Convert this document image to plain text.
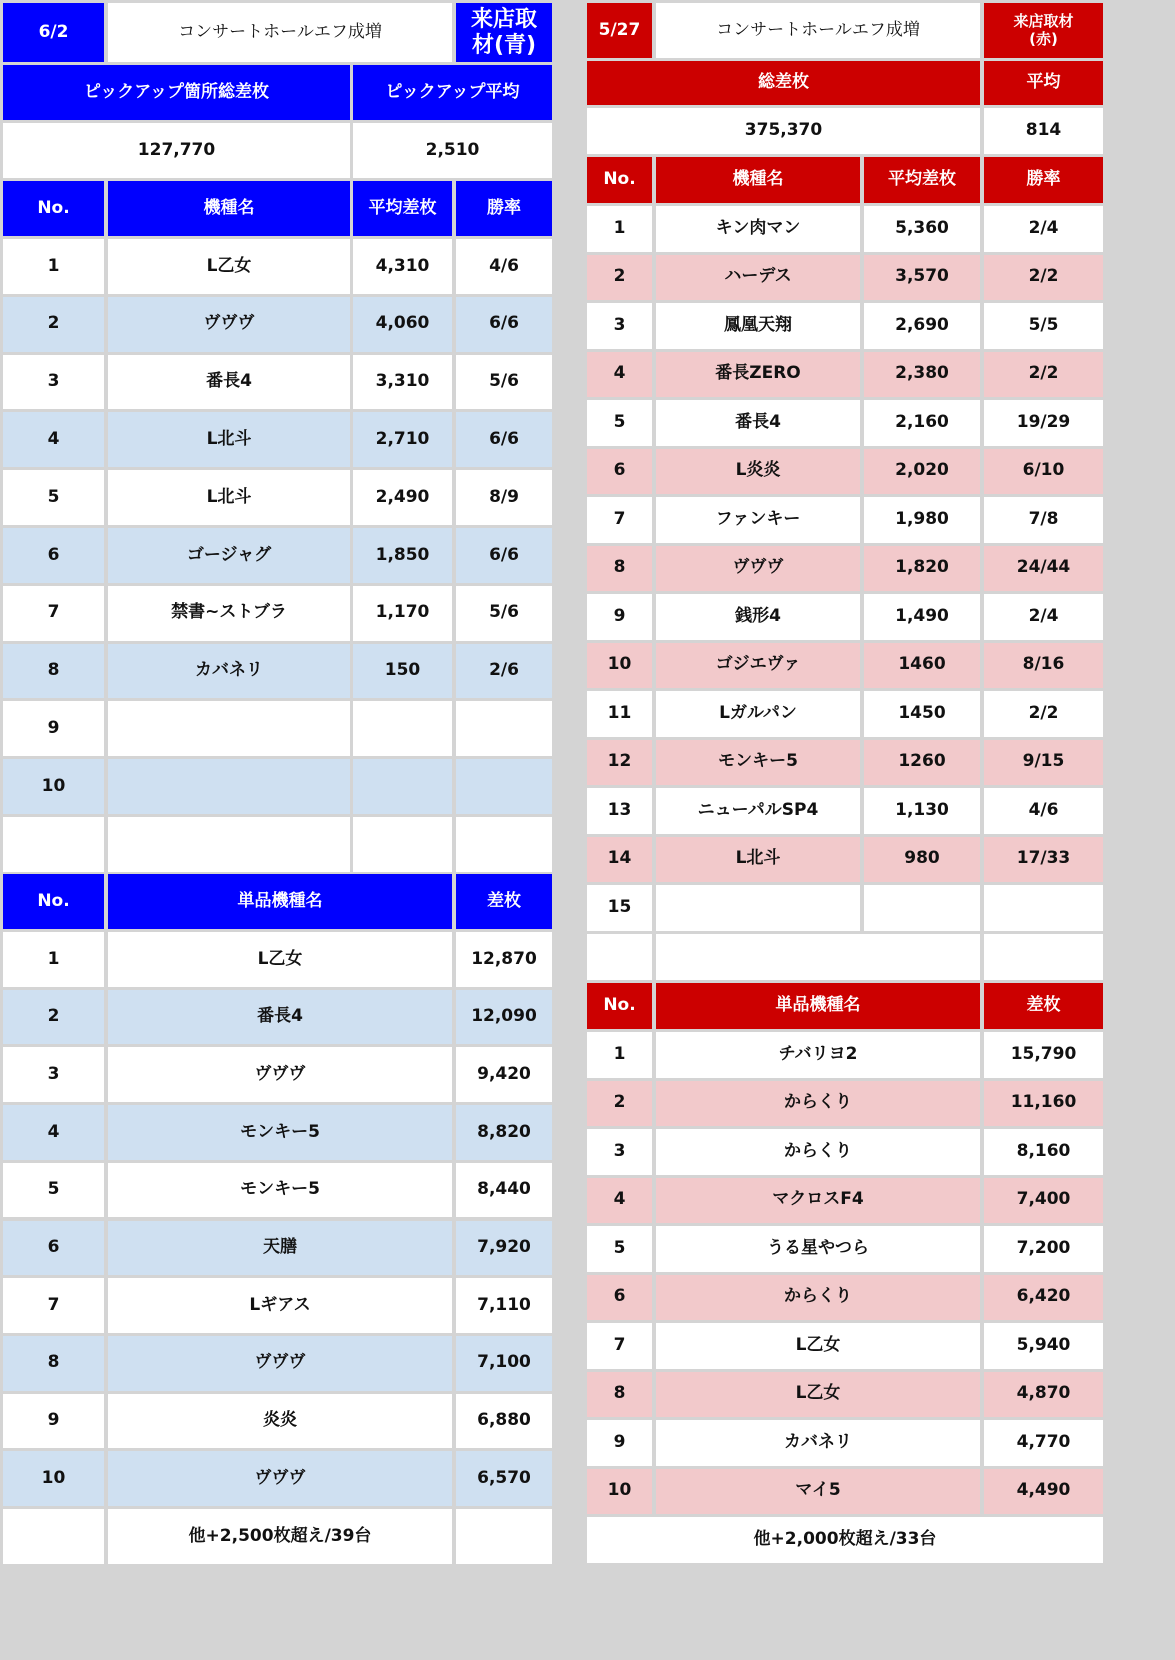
6/2	コンサートホールエフ成増	来店取材(青)
ピックアップ箇所総差枚	ピックアップ平均
127,770	2,510
No.	機種名	平均差枚	勝率
1	L乙女	4,310	4/6
2	ヴヴヴ	4,060	6/6
3	番長4	3,310	5/6
4	L北斗	2,710	6/6
5	L北斗	2,490	8/9
6	ゴージャグ	1,850	6/6
7	禁書~ストブラ	1,170	5/6
8	カバネリ	150	2/6
9
10
No.	単品機種名	差枚
1	L乙女	12,870
2	番長4	12,090
3	ヴヴヴ	9,420
4	モンキー5	8,820
5	モンキー5	8,440
6	天膳	7,920
7	Lギアス	7,110
8	ヴヴヴ	7,100
9	炎炎	6,880
10	ヴヴヴ	6,570
他+2,500枚超え/39台
5/27	コンサートホールエフ成増	来店取材(赤)
総差枚	平均
375,370	814
No.	機種名	平均差枚	勝率
1	キン肉マン	5,360	2/4
2	ハーデス	3,570	2/2
3	鳳凰天翔	2,690	5/5
4	番長ZERO	2,380	2/2
5	番長4	2,160	19/29
6	L炎炎	2,020	6/10
7	ファンキー	1,980	7/8
8	ヴヴヴ	1,820	24/44
9	銭形4	1,490	2/4
10	ゴジエヴァ	1460	8/16
11	Lガルパン	1450	2/2
12	モンキー5	1260	9/15
13	ニューパルSP4	1,130	4/6
14	L北斗	980	17/33
15
No.	単品機種名	差枚
1	チバリヨ2	15,790
2	からくり	11,160
3	からくり	8,160
4	マクロスF4	7,400
5	うる星やつら	7,200
6	からくり	6,420
7	L乙女	5,940
8	L乙女	4,870
9	カバネリ	4,770
10	マイ5	4,490
他+2,000枚超え/33台
